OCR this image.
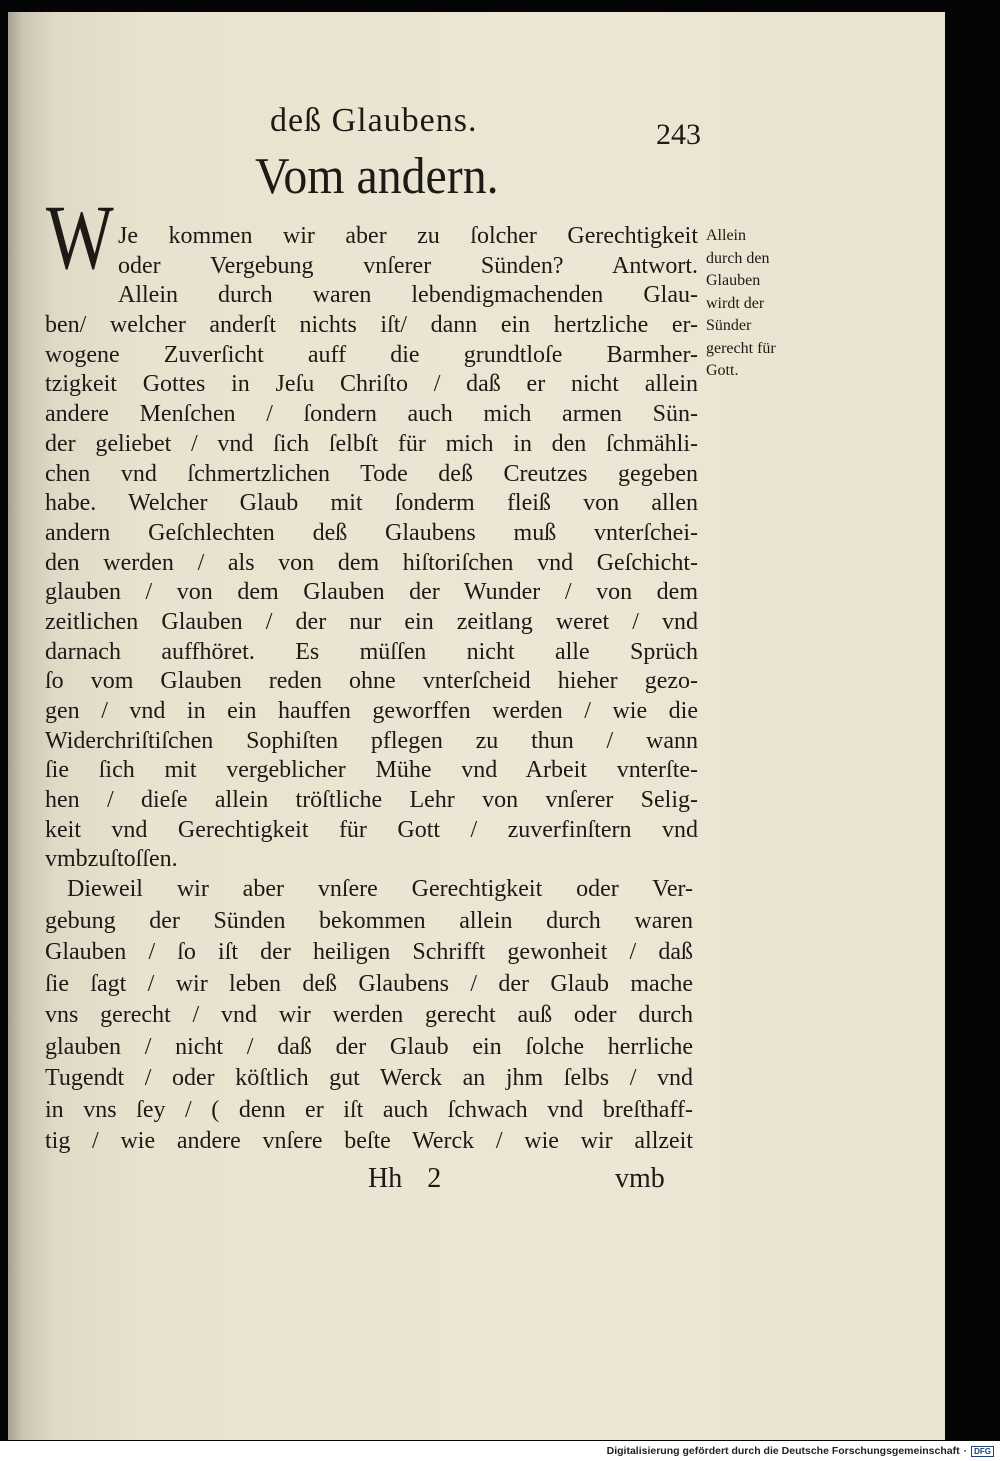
deß Glaubens.	243
Vom andern.
W Je kommen wir aber zu ſolcher Gerechtigkeit
oder Vergebung vnſerer Sünden? Antwort.
Allein durch waren lebendigmachenden Glau-
ben/ welcher anderſt nichts iſt/ dann ein hertzliche er-
wogene Zuverſicht auff die grundtloſe Barmher-
tzigkeit Gottes in Jeſu Chriſto / daß er nicht allein
andere Menſchen / ſondern auch mich armen Sün-
der geliebet / vnd ſich ſelbſt für mich in den ſchmähli-
chen vnd ſchmertzlichen Tode deß Creutzes gegeben
habe. Welcher Glaub mit ſonderm fleiß von allen
andern Geſchlechten deß Glaubens muß vnterſchei-
den werden / als von dem hiſtoriſchen vnd Geſchicht-
glauben / von dem Glauben der Wunder / von dem
zeitlichen Glauben / der nur ein zeitlang weret / vnd
darnach auffhöret. Es müſſen nicht alle Sprüch
ſo vom Glauben reden ohne vnterſcheid hieher gezo-
gen / vnd in ein hauffen geworffen werden / wie die
Widerchriſtiſchen Sophiſten pflegen zu thun / wann
ſie ſich mit vergeblicher Mühe vnd Arbeit vnterſte-
hen / dieſe allein tröſtliche Lehr von vnſerer Selig-
keit vnd Gerechtigkeit für Gott / zuverfinſtern vnd
vmbzuſtoſſen.
Dieweil wir aber vnſere Gerechtigkeit oder Ver-
gebung der Sünden bekommen allein durch waren
Glauben / ſo iſt der heiligen Schrifft gewonheit / daß
ſie ſagt / wir leben deß Glaubens / der Glaub mache
vns gerecht / vnd wir werden gerecht auß oder durch
glauben / nicht / daß der Glaub ein ſolche herrliche
Tugendt / oder köſtlich gut Werck an jhm ſelbs / vnd
in vns ſey / ( denn er iſt auch ſchwach vnd breſthaff-
tig / wie andere vnſere beſte Werck / wie wir allzeit
Allein
durch den
Glauben
wirdt der
Sünder
gerecht für
Gott.
Hh 2	vmb
Digitalisierung gefördert durch die Deutsche Forschungsgemeinschaft · DFG
